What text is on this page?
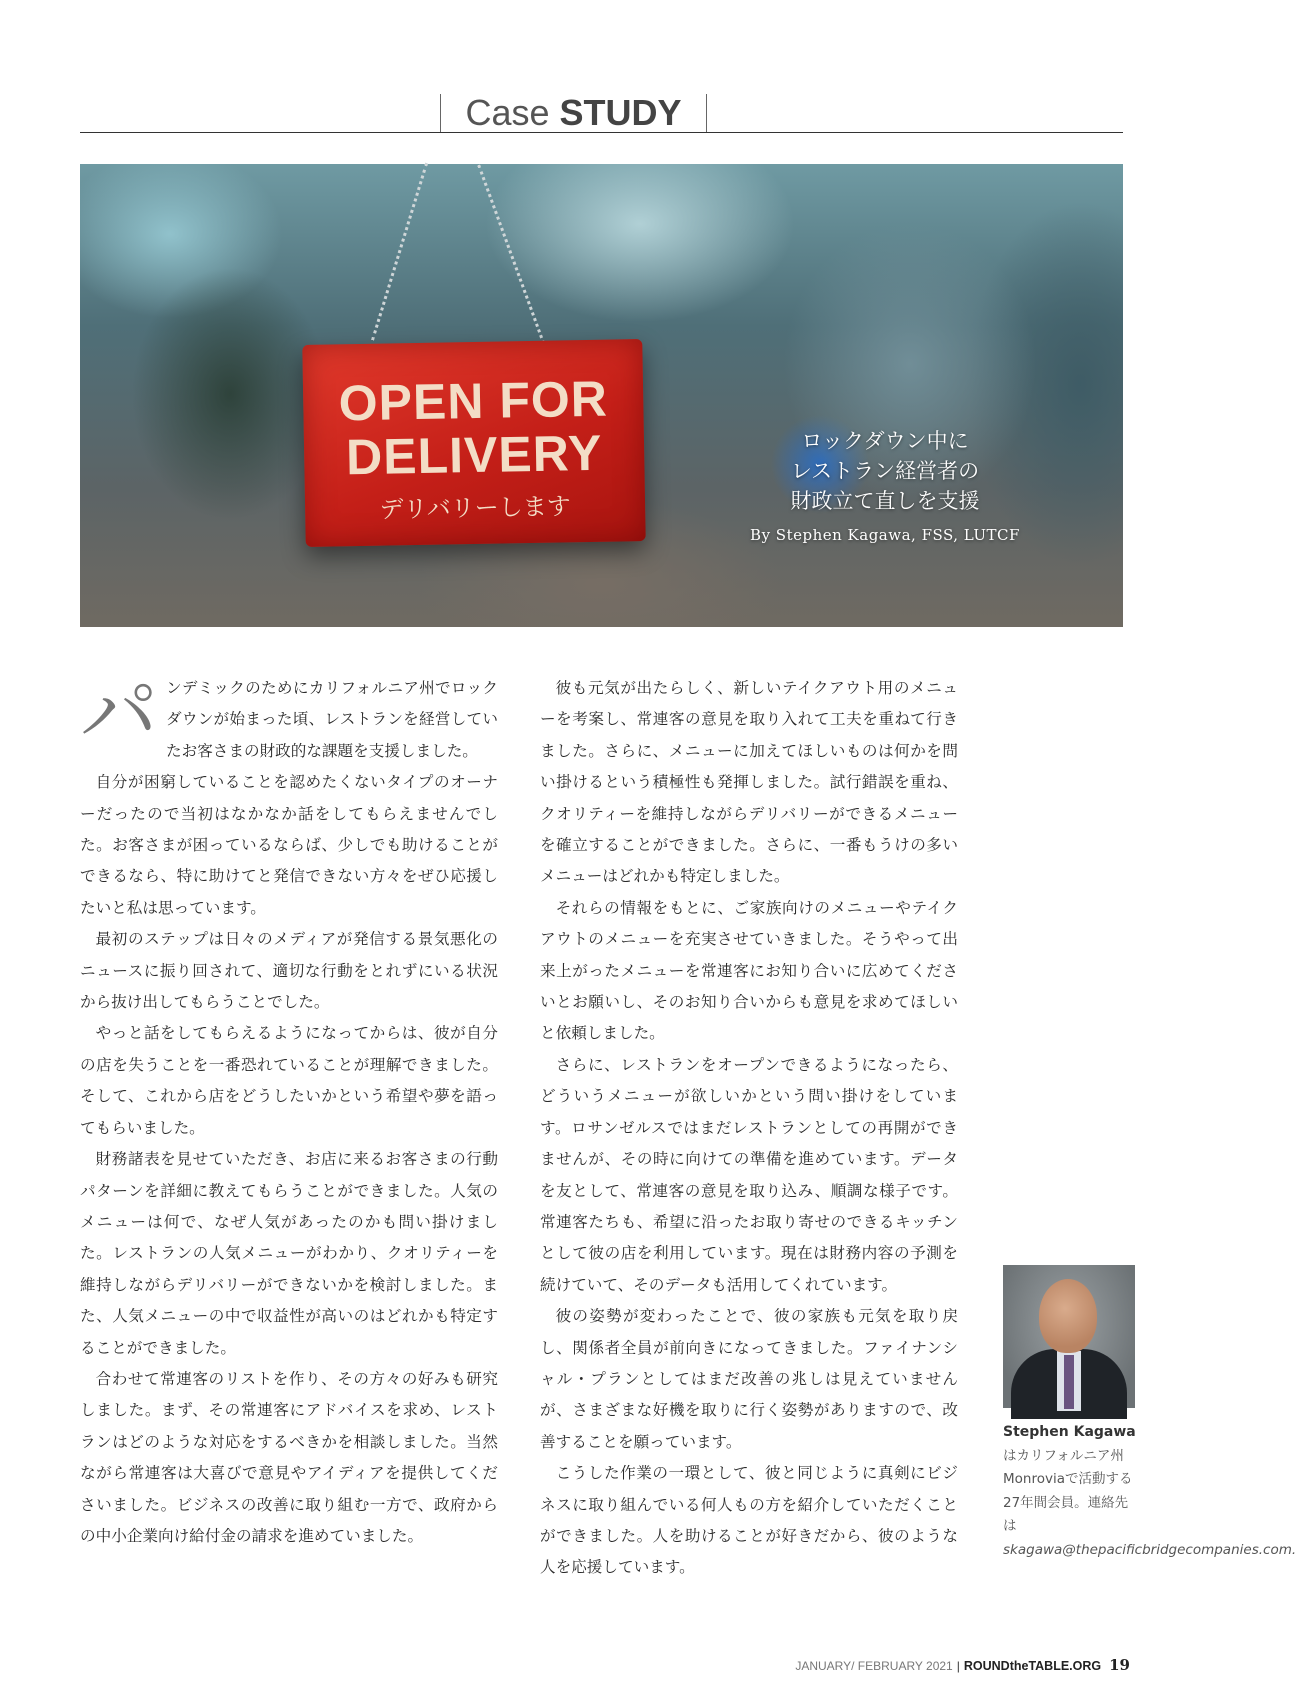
Case STUDY
OPEN FOR
DELIVERY
デリバリーします
ロックダウン中に
レストラン経営者の
財政立て直しを支援
By Stephen Kagawa, FSS, LUTCF

パンデミックのためにカリフォルニア州でロックダウンが始まった頃、レストランを経営していたお客さまの財政的な課題を支援しました。

自分が困窮していることを認めたくないタイプのオーナーだったので当初はなかなか話をしてもらえませんでした。お客さまが困っているならば、少しでも助けることができるなら、特に助けてと発信できない方々をぜひ応援したいと私は思っています。

最初のステップは日々のメディアが発信する景気悪化のニュースに振り回されて、適切な行動をとれずにいる状況から抜け出してもらうことでした。

やっと話をしてもらえるようになってからは、彼が自分の店を失うことを一番恐れていることが理解できました。そして、これから店をどうしたいかという希望や夢を語ってもらいました。

財務諸表を見せていただき、お店に来るお客さまの行動パターンを詳細に教えてもらうことができました。人気のメニューは何で、なぜ人気があったのかも問い掛けました。レストランの人気メニューがわかり、クオリティーを維持しながらデリバリーができないかを検討しました。また、人気メニューの中で収益性が高いのはどれかも特定することができました。

合わせて常連客のリストを作り、その方々の好みも研究しました。まず、その常連客にアドバイスを求め、レストランはどのような対応をするべきかを相談しました。当然ながら常連客は大喜びで意見やアイディアを提供してくださいました。ビジネスの改善に取り組む一方で、政府からの中小企業向け給付金の請求を進めていました。

彼も元気が出たらしく、新しいテイクアウト用のメニューを考案し、常連客の意見を取り入れて工夫を重ねて行きました。さらに、メニューに加えてほしいものは何かを問い掛けるという積極性も発揮しました。試行錯誤を重ね、クオリティーを維持しながらデリバリーができるメニューを確立することができました。さらに、一番もうけの多いメニューはどれかも特定しました。

それらの情報をもとに、ご家族向けのメニューやテイクアウトのメニューを充実させていきました。そうやって出来上がったメニューを常連客にお知り合いに広めてくださいとお願いし、そのお知り合いからも意見を求めてほしいと依頼しました。

さらに、レストランをオープンできるようになったら、どういうメニューが欲しいかという問い掛けをしています。ロサンゼルスではまだレストランとしての再開ができませんが、その時に向けての準備を進めています。データを友として、常連客の意見を取り込み、順調な様子です。常連客たちも、希望に沿ったお取り寄せのできるキッチンとして彼の店を利用しています。現在は財務内容の予測を続けていて、そのデータも活用してくれています。

彼の姿勢が変わったことで、彼の家族も元気を取り戻し、関係者全員が前向きになってきました。ファイナンシャル・プランとしてはまだ改善の兆しは見えていませんが、さまざまな好機を取りに行く姿勢がありますので、改善することを願っています。

こうした作業の一環として、彼と同じように真剣にビジネスに取り組んでいる何人もの方を紹介していただくことができました。人を助けることが好きだから、彼のような人を応援しています。

Stephen Kagawa
はカリフォルニア州Monroviaで活動する27年間会員。連絡先はskagawa@thepacificbridgecompanies.com.
JANUARY/ FEBRUARY 2021 | ROUNDtheTABLE.ORG 19
